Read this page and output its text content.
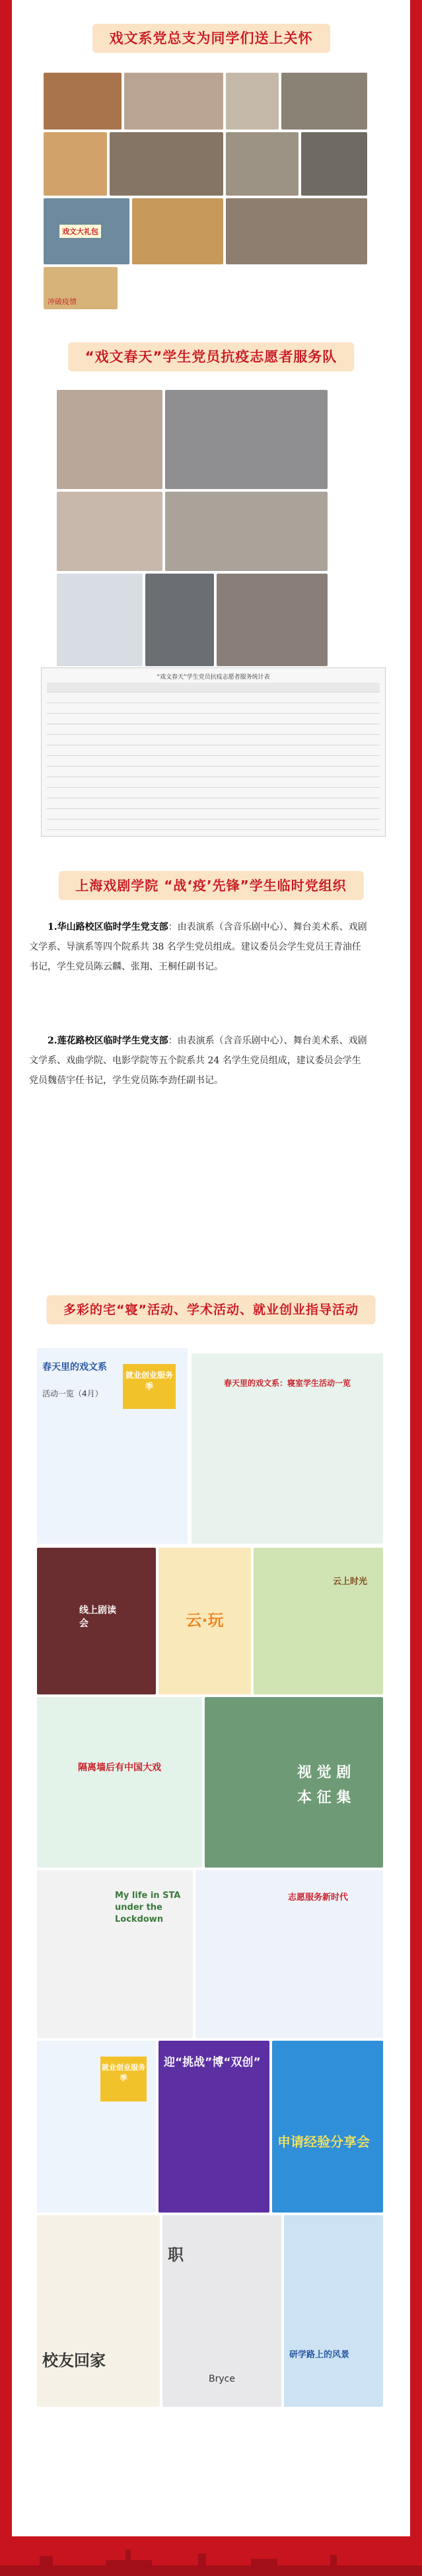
戏文系党总支为同学们送上关怀
戏文大礼包
冲破疫情
“戏文春天”学生党员抗疫志愿者服务队
“戏文春天”学生党员抗疫志愿者服务统计表
上海戏剧学院 “战‘疫’先锋”学生临时党组织
1.华山路校区临时学生党支部：由表演系（含音乐剧中心）、舞台美术系、戏剧文学系、导演系等四个院系共 38 名学生党员组成。建议委员会学生党员王青油任书记，学生党员陈云麟、张翔、王桐任副书记。
2.莲花路校区临时学生党支部：由表演系（含音乐剧中心）、舞台美术系、戏剧文学系、戏曲学院、电影学院等五个院系共 24 名学生党员组成，建议委员会学生党员魏蓓宇任书记，学生党员陈李劲任副书记。
多彩的宅“寝”活动、学术活动、就业创业指导活动
春天里的戏文系
活动一览（4月）
就业创业服务季	春天里的戏文系：寝室学生活动一览
线上剧读会	云·玩
云上时光
隔离墙后有中国大戏	视 觉 剧 本 征 集
My life in STA under the Lockdown
志愿服务新时代
就业创业服务季
迎“挑战”博“双创”
申请经验分享会
校友回家
职
Bryce
研学路上的风景
